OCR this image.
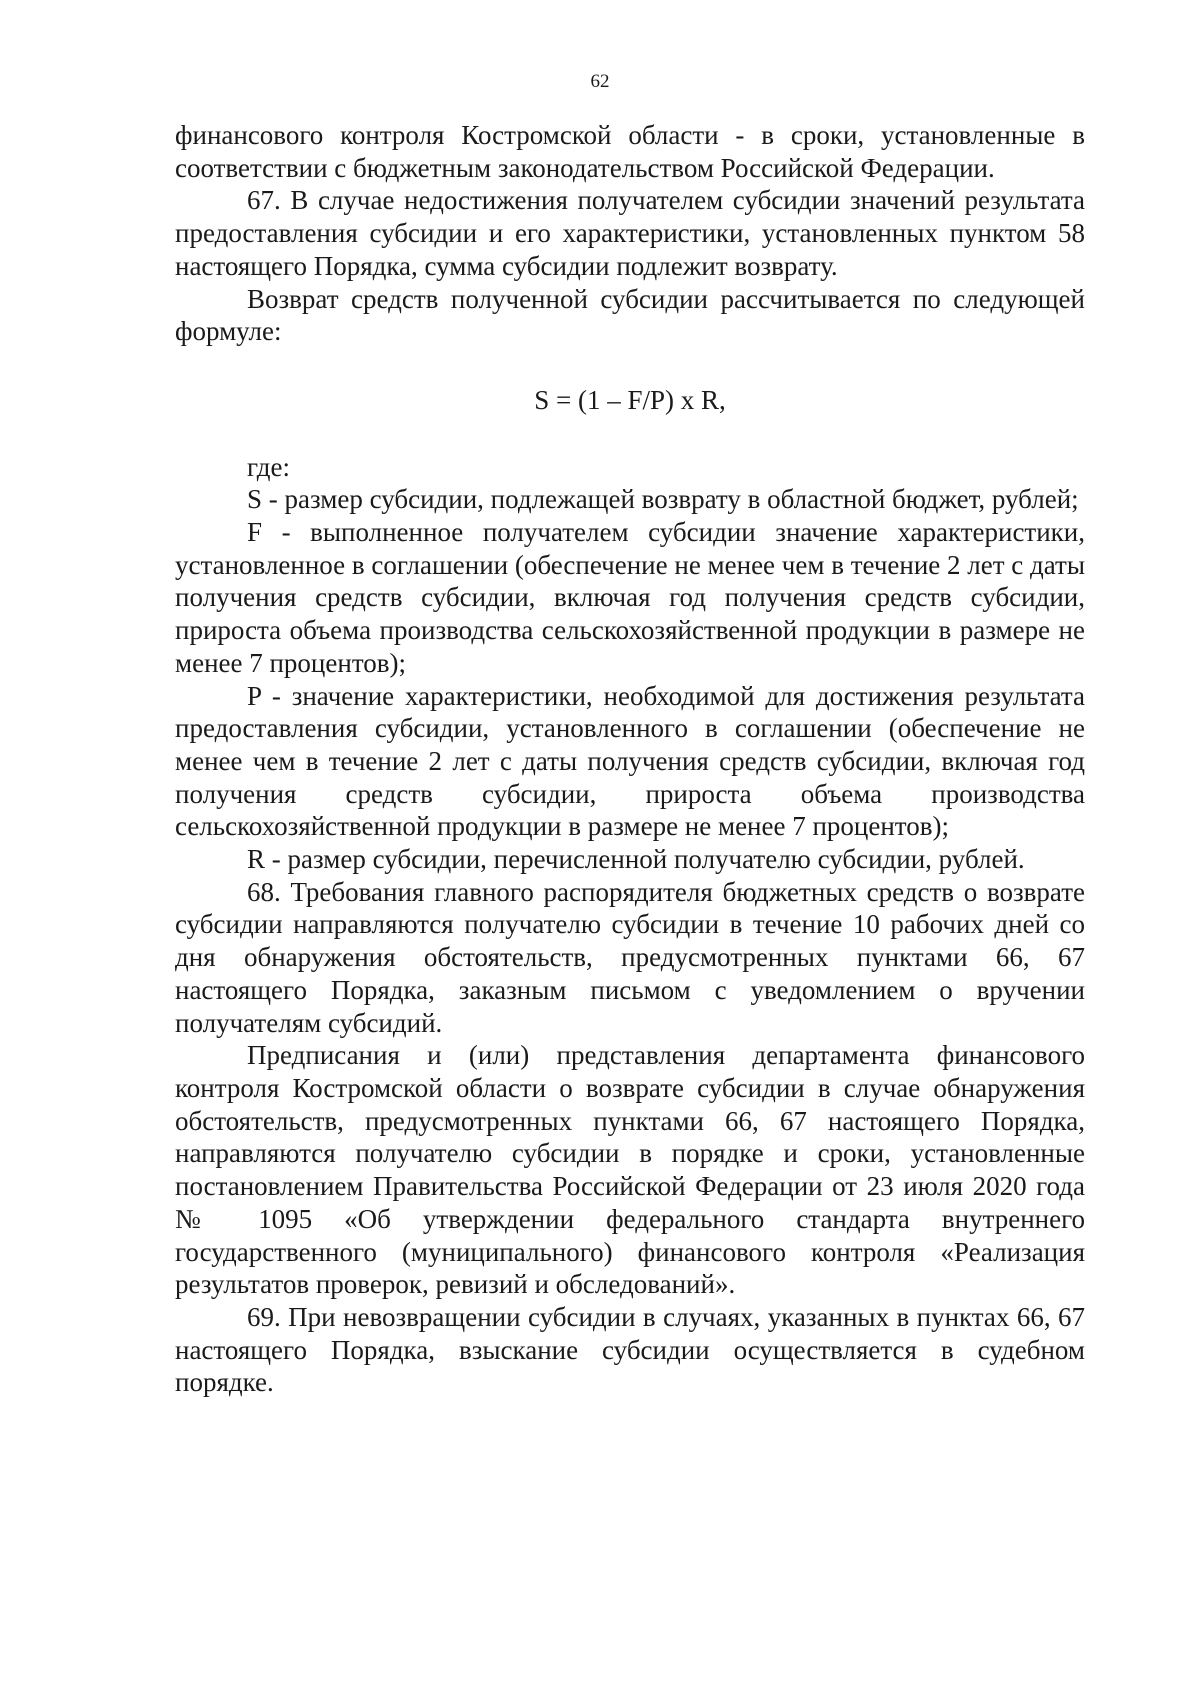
62

финансового контроля Костромской области - в сроки, установленные в соответствии с бюджетным законодательством Российской Федерации.

67. В случае недостижения получателем субсидии значений результата предоставления субсидии и его характеристики, установленных пунктом 58 настоящего Порядка, сумма субсидии подлежит возврату.

Возврат средств полученной субсидии рассчитывается по следующей формуле:

S = (1 – F/P) x R,

где:

S - размер субсидии, подлежащей возврату в областной бюджет, рублей;

F - выполненное получателем субсидии значение характеристики, установленное в соглашении (обеспечение не менее чем в течение 2 лет с даты получения средств субсидии, включая год получения средств субсидии, прироста объема производства сельскохозяйственной продукции в размере не менее 7 процентов);

P - значение характеристики, необходимой для достижения результата предоставления субсидии, установленного в соглашении (обеспечение не менее чем в течение 2 лет с даты получения средств субсидии, включая год получения средств субсидии, прироста объема производства сельскохозяйственной продукции в размере не менее 7 процентов);

R - размер субсидии, перечисленной получателю субсидии, рублей.

68. Требования главного распорядителя бюджетных средств о возврате субсидии направляются получателю субсидии в течение 10 рабочих дней со дня обнаружения обстоятельств, предусмотренных пунктами 66, 67 настоящего Порядка, заказным письмом с уведомлением о вручении получателям субсидий.

Предписания и (или) представления департамента финансового контроля Костромской области о возврате субсидии в случае обнаружения обстоятельств, предусмотренных пунктами 66, 67 настоящего Порядка, направляются получателю субсидии в порядке и сроки, установленные постановлением Правительства Российской Федерации от 23 июля 2020 года № 1095 «Об утверждении федерального стандарта внутреннего государственного (муниципального) финансового контроля «Реализация результатов проверок, ревизий и обследований».

69. При невозвращении субсидии в случаях, указанных в пунктах 66, 67 настоящего Порядка, взыскание субсидии осуществляется в судебном порядке.
